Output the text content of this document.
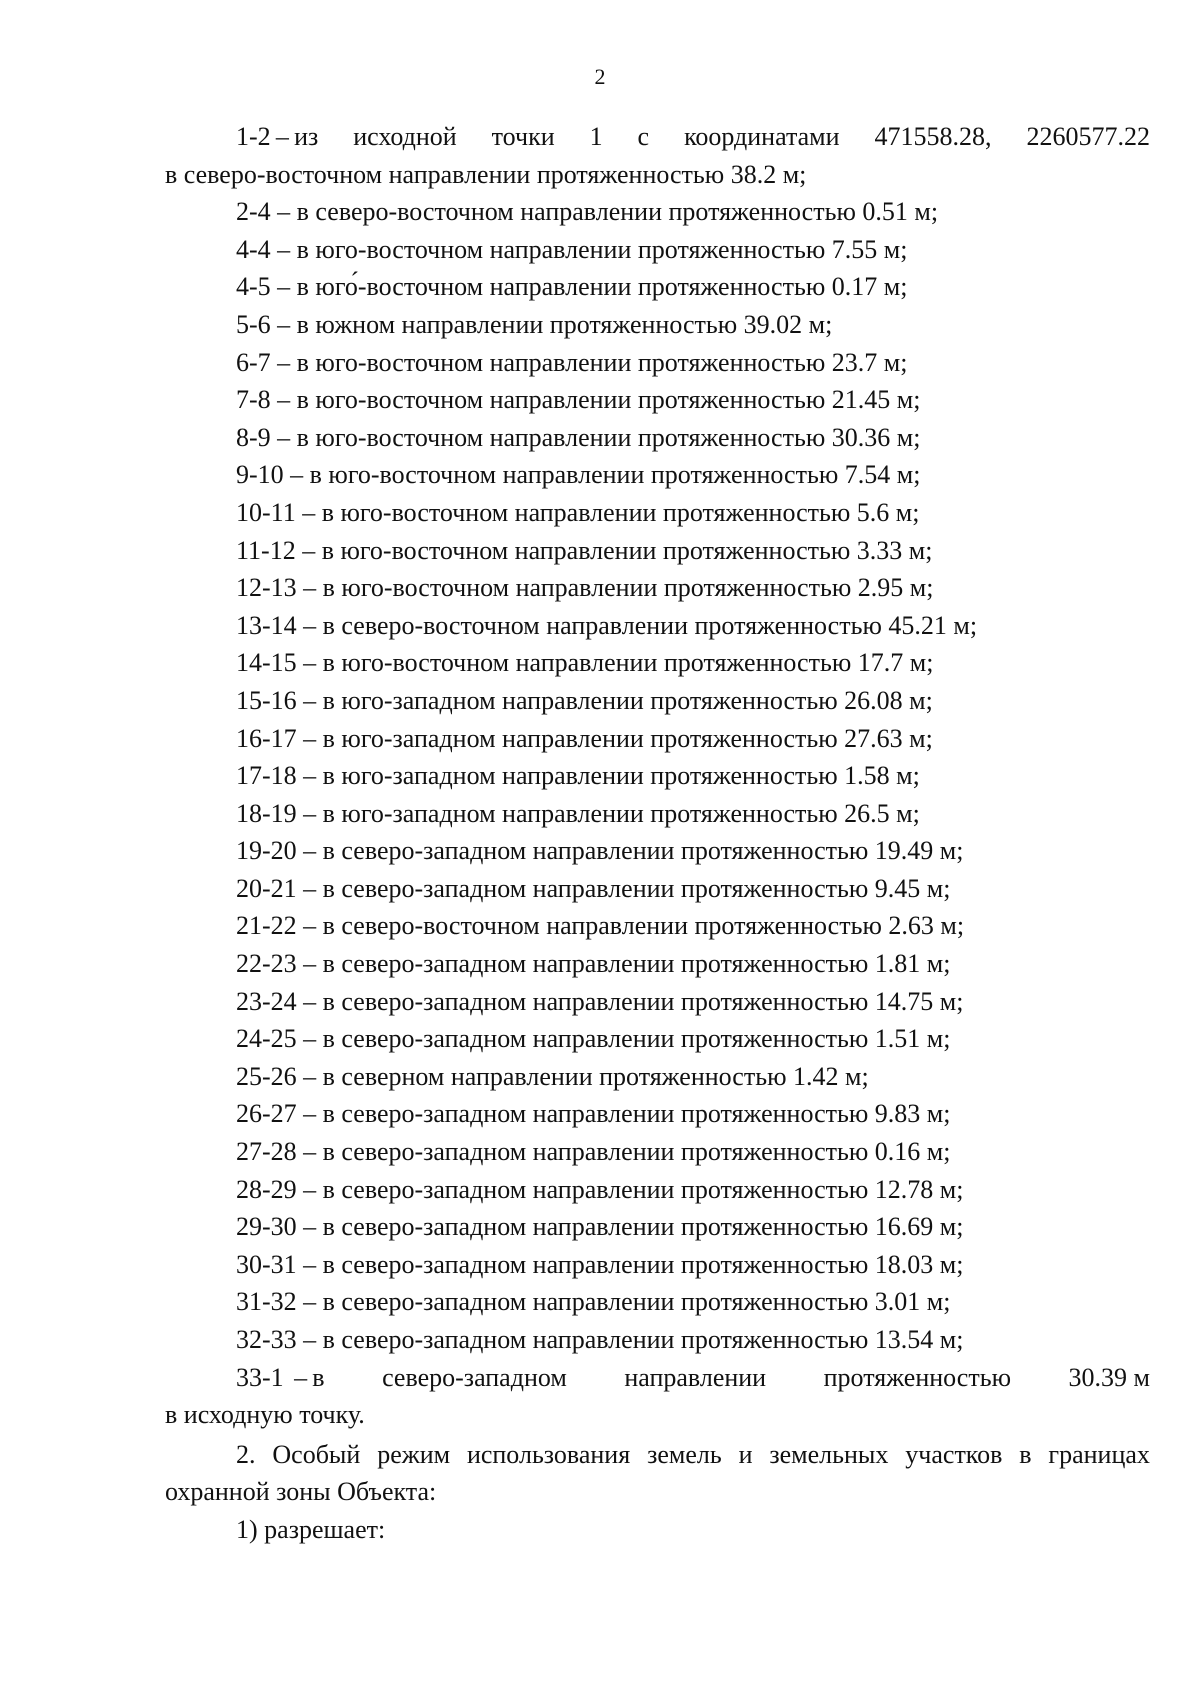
2
1-2 – из исходной точки 1 с координатами 471558.28, 2260577.22
в северо-восточном направлении протяженностью 38.2 м;
2-4 – в северо-восточном направлении протяженностью 0.51 м;
4-4 – в юго-восточном направлении протяженностью 7.55 м;
4-5 – в юго́-восточном направлении протяженностью 0.17 м;
5-6 – в южном направлении протяженностью 39.02 м;
6-7 – в юго-восточном направлении протяженностью 23.7 м;
7-8 – в юго-восточном направлении протяженностью 21.45 м;
8-9 – в юго-восточном направлении протяженностью 30.36 м;
9-10 – в юго-восточном направлении протяженностью 7.54 м;
10-11 – в юго-восточном направлении протяженностью 5.6 м;
11-12 – в юго-восточном направлении протяженностью 3.33 м;
12-13 – в юго-восточном направлении протяженностью 2.95 м;
13-14 – в северо-восточном направлении протяженностью 45.21 м;
14-15 – в юго-восточном направлении протяженностью 17.7 м;
15-16 – в юго-западном направлении протяженностью 26.08 м;
16-17 – в юго-западном направлении протяженностью 27.63 м;
17-18 – в юго-западном направлении протяженностью 1.58 м;
18-19 – в юго-западном направлении протяженностью 26.5 м;
19-20 – в северо-западном направлении протяженностью 19.49 м;
20-21 – в северо-западном направлении протяженностью 9.45 м;
21-22 – в северо-восточном направлении протяженностью 2.63 м;
22-23 – в северо-западном направлении протяженностью 1.81 м;
23-24 – в северо-западном направлении протяженностью 14.75 м;
24-25 – в северо-западном направлении протяженностью 1.51 м;
25-26 – в северном направлении протяженностью 1.42 м;
26-27 – в северо-западном направлении протяженностью 9.83 м;
27-28 – в северо-западном направлении протяженностью 0.16 м;
28-29 – в северо-западном направлении протяженностью 12.78 м;
29-30 – в северо-западном направлении протяженностью 16.69 м;
30-31 – в северо-западном направлении протяженностью 18.03 м;
31-32 – в северо-западном направлении протяженностью 3.01 м;
32-33 – в северо-западном направлении протяженностью 13.54 м;
33-1  – в северо-западном направлении протяженностью 30.39 м
в исходную точку.
2. Особый режим использования земель и земельных участков в границах
охранной зоны Объекта:
1) разрешает:
